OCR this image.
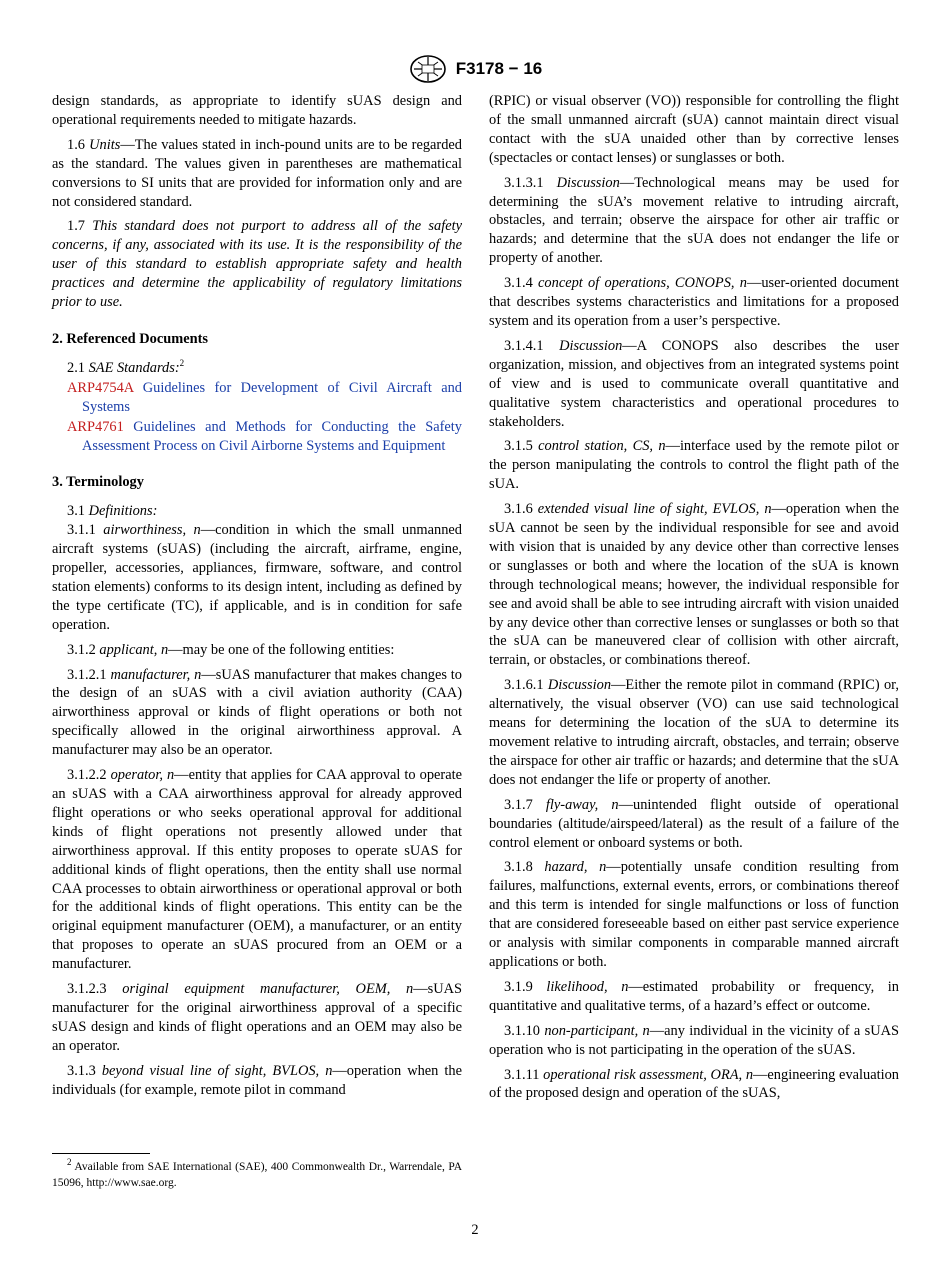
F3178 − 16

design standards, as appropriate to identify sUAS design and operational requirements needed to mitigate hazards.

1.6 Units—The values stated in inch-pound units are to be regarded as the standard. The values given in parentheses are mathematical conversions to SI units that are provided for information only and are not considered standard.

1.7 This standard does not purport to address all of the safety concerns, if any, associated with its use. It is the responsibility of the user of this standard to establish appropriate safety and health practices and determine the applicability of regulatory limitations prior to use.

2. Referenced Documents

2.1 SAE Standards:$^2$

ARP4754A Guidelines for Development of Civil Aircraft and Systems

ARP4761 Guidelines and Methods for Conducting the Safety Assessment Process on Civil Airborne Systems and Equipment

3. Terminology

3.1 Definitions:

3.1.1 airworthiness, n—condition in which the small unmanned aircraft systems (sUAS) (including the aircraft, airframe, engine, propeller, accessories, appliances, firmware, software, and control station elements) conforms to its design intent, including as defined by the type certificate (TC), if applicable, and is in condition for safe operation.

3.1.2 applicant, n—may be one of the following entities:

3.1.2.1 manufacturer, n—sUAS manufacturer that makes changes to the design of an sUAS with a civil aviation authority (CAA) airworthiness approval or kinds of flight operations or both not specifically allowed in the original airworthiness approval. A manufacturer may also be an operator.

3.1.2.2 operator, n—entity that applies for CAA approval to operate an sUAS with a CAA airworthiness approval for already approved flight operations or who seeks operational approval for additional kinds of flight operations not presently allowed under that airworthiness approval. If this entity proposes to operate sUAS for additional kinds of flight operations, then the entity shall use normal CAA processes to obtain airworthiness or operational approval or both for the additional kinds of flight operations. This entity can be the original equipment manufacturer (OEM), a manufacturer, or an entity that proposes to operate an sUAS procured from an OEM or a manufacturer.

3.1.2.3 original equipment manufacturer, OEM, n—sUAS manufacturer for the original airworthiness approval of a specific sUAS design and kinds of flight operations and an OEM may also be an operator.

3.1.3 beyond visual line of sight, BVLOS, n—operation when the individuals (for example, remote pilot in command

(RPIC) or visual observer (VO)) responsible for controlling the flight of the small unmanned aircraft (sUA) cannot maintain direct visual contact with the sUA unaided other than by corrective lenses (spectacles or contact lenses) or sunglasses or both.

3.1.3.1 Discussion—Technological means may be used for determining the sUA’s movement relative to intruding aircraft, obstacles, and terrain; observe the airspace for other air traffic or hazards; and determine that the sUA does not endanger the life or property of another.

3.1.4 concept of operations, CONOPS, n—user-oriented document that describes systems characteristics and limitations for a proposed system and its operation from a user’s perspective.

3.1.4.1 Discussion—A CONOPS also describes the user organization, mission, and objectives from an integrated systems point of view and is used to communicate overall quantitative and qualitative system characteristics and operational procedures to stakeholders.

3.1.5 control station, CS, n—interface used by the remote pilot or the person manipulating the controls to control the flight path of the sUA.

3.1.6 extended visual line of sight, EVLOS, n—operation when the sUA cannot be seen by the individual responsible for see and avoid with vision that is unaided by any device other than corrective lenses or sunglasses or both and where the location of the sUA is known through technological means; however, the individual responsible for see and avoid shall be able to see intruding aircraft with vision unaided by any device other than corrective lenses or sunglasses or both so that the sUA can be maneuvered clear of collision with other aircraft, terrain, or obstacles, or combinations thereof.

3.1.6.1 Discussion—Either the remote pilot in command (RPIC) or, alternatively, the visual observer (VO) can use said technological means for determining the location of the sUA to determine its movement relative to intruding aircraft, obstacles, and terrain; observe the airspace for other air traffic or hazards; and determine that the sUA does not endanger the life or property of another.

3.1.7 fly-away, n—unintended flight outside of operational boundaries (altitude/airspeed/lateral) as the result of a failure of the control element or onboard systems or both.

3.1.8 hazard, n—potentially unsafe condition resulting from failures, malfunctions, external events, errors, or combinations thereof and this term is intended for single malfunctions or loss of function that are considered foreseeable based on either past service experience or analysis with similar components in comparable manned aircraft applications or both.

3.1.9 likelihood, n—estimated probability or frequency, in quantitative and qualitative terms, of a hazard’s effect or outcome.

3.1.10 non-participant, n—any individual in the vicinity of a sUAS operation who is not participating in the operation of the sUAS.

3.1.11 operational risk assessment, ORA, n—engineering evaluation of the proposed design and operation of the sUAS,

$^2$ Available from SAE International (SAE), 400 Commonwealth Dr., Warrendale, PA 15096, http://www.sae.org.
2
